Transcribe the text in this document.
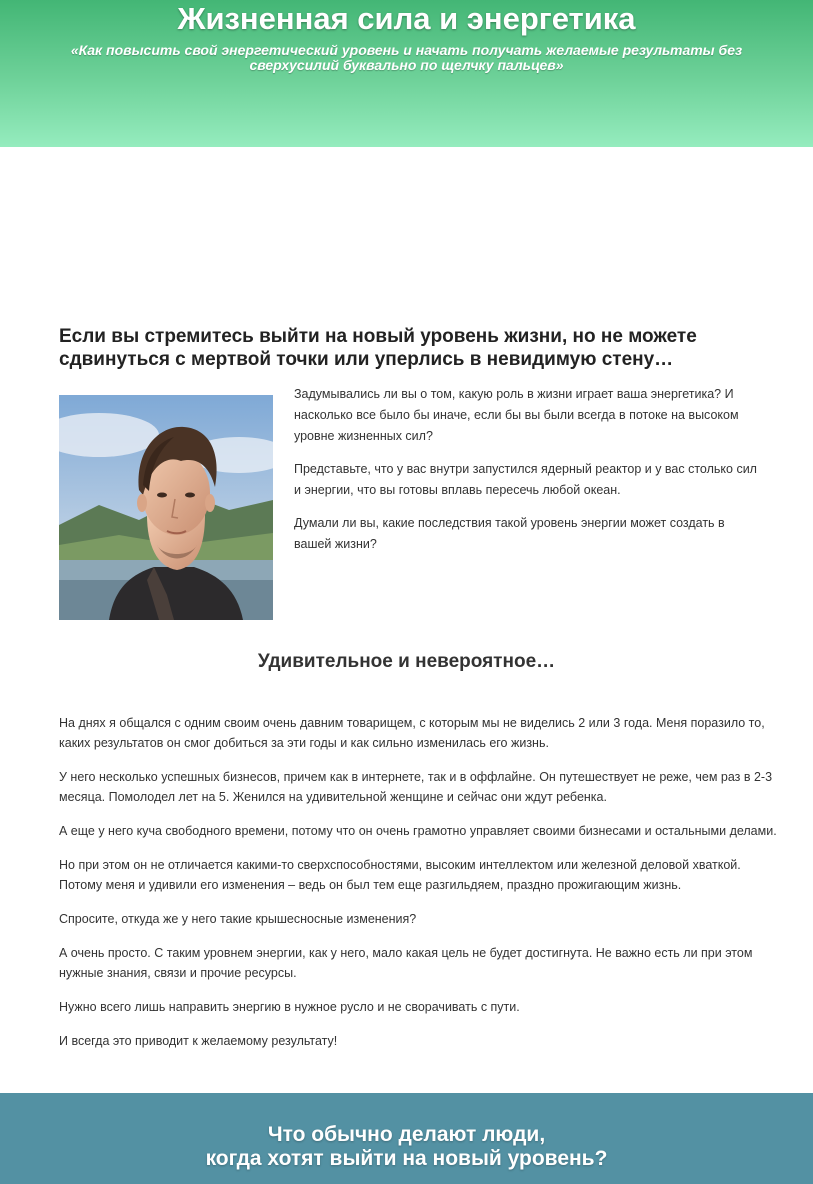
Жизненная сила и энергетика
«Как повысить свой энергетический уровень и начать получать желаемые результаты без сверхусилий буквально по щелчку пальцев»
Если вы стремитесь выйти на новый уровень жизни, но не можете сдвинуться с мертвой точки или уперлись в невидимую стену…

Задумывались ли вы о том, какую роль в жизни играет ваша энергетика? И насколько все было бы иначе, если бы вы были всегда в потоке на высоком уровне жизненных сил?

Представьте, что у вас внутри запустился ядерный реактор и у вас столько сил и энергии, что вы готовы вплавь пересечь любой океан.

Думали ли вы, какие последствия такой уровень энергии может создать в вашей жизни?

Удивительное и невероятное…

На днях я общался с одним своим очень давним товарищем, с которым мы не виделись 2 или 3 года. Меня поразило то, каких результатов он смог добиться за эти годы и как сильно изменилась его жизнь.

У него несколько успешных бизнесов, причем как в интернете, так и в оффлайне. Он путешествует не реже, чем раз в 2-3 месяца. Помолодел лет на 5. Женился на удивительной женщине и сейчас они ждут ребенка.

А еще у него куча свободного времени, потому что он очень грамотно управляет своими бизнесами и остальными делами.

Но при этом он не отличается какими-то сверхспособностями, высоким интеллектом или железной деловой хваткой. Потому меня и удивили его изменения – ведь он был тем еще разгильдяем, праздно прожигающим жизнь.

Спросите, откуда же у него такие крышесносные изменения?

А очень просто. С таким уровнем энергии, как у него, мало какая цель не будет достигнута. Не важно есть ли при этом нужные знания, связи и прочие ресурсы.

Нужно всего лишь направить энергию в нужное русло и не сворачивать с пути.

И всегда это приводит к желаемому результату!

Что обычно делают люди,
когда хотят выйти на новый уровень?
